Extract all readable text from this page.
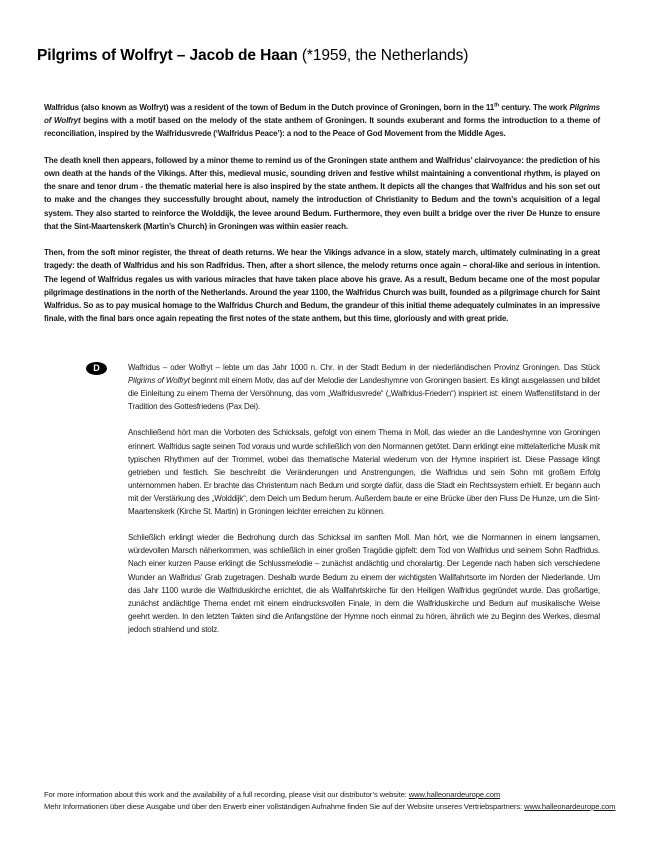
Pilgrims of Wolfryt – Jacob de Haan (*1959, the Netherlands)

Walfridus (also known as Wolfryt) was a resident of the town of Bedum in the Dutch province of Groningen, born in the 11th century. The work Pilgrims of Wolfryt begins with a motif based on the melody of the state anthem of Groningen. It sounds exuberant and forms the introduction to a theme of reconciliation, inspired by the Walfridusvrede (‘Walfridus Peace’): a nod to the Peace of God Movement from the Middle Ages.

The death knell then appears, followed by a minor theme to remind us of the Groningen state anthem and Walfridus’ clairvoyance: the prediction of his own death at the hands of the Vikings. After this, medieval music, sounding driven and festive whilst maintaining a conventional rhythm, is played on the snare and tenor drum - the thematic material here is also inspired by the state anthem. It depicts all the changes that Walfridus and his son set out to make and the changes they successfully brought about, namely the introduction of Christianity to Bedum and the town’s acquisition of a legal system. They also started to reinforce the Wolddijk, the levee around Bedum. Furthermore, they even built a bridge over the river De Hunze to ensure that the Sint-Maartenskerk (Martin’s Church) in Groningen was within easier reach.

Then, from the soft minor register, the threat of death returns. We hear the Vikings advance in a slow, stately march, ultimately culminating in a great tragedy: the death of Walfridus and his son Radfridus. Then, after a short silence, the melody returns once again – choral-like and serious in intention. The legend of Walfridus regales us with various miracles that have taken place above his grave. As a result, Bedum became one of the most popular pilgrimage destinations in the north of the Netherlands. Around the year 1100, the Walfridus Church was built, founded as a pilgrimage church for Saint Walfridus. So as to pay musical homage to the Walfridus Church and Bedum, the grandeur of this initial theme adequately culminates in an impressive finale, with the final bars once again repeating the first notes of the state anthem, but this time, gloriously and with great pride.

D	Walfridus – oder Wolfryt – lebte um das Jahr 1000 n. Chr. in der Stadt Bedum in der niederländischen Provinz Groningen. Das Stück Pilgrims of Wolfryt beginnt mit einem Motiv, das auf der Melodie der Landeshymne von Groningen basiert. Es klingt ausgelassen und bildet die Einleitung zu einem Thema der Versöhnung, das vom „Walfridusvrede“ („Walfridus-Frieden“) inspiriert ist: einem Waffenstillstand in der Tradition des Gottesfriedens (Pax Dei).

Anschließend hört man die Vorboten des Schicksals, gefolgt von einem Thema in Moll, das wieder an die Landeshymne von Groningen erinnert. Walfridus sagte seinen Tod voraus und wurde schließlich von den Normannen getötet. Dann erklingt eine mittelalterliche Musik mit typischen Rhythmen auf der Trommel, wobei das thematische Material wiederum von der Hymne inspiriert ist. Diese Passage klingt getrieben und festlich. Sie beschreibt die Veränderungen und Anstrengungen, die Walfridus und sein Sohn mit großem Erfolg unternommen haben. Er brachte das Christentum nach Bedum und sorgte dafür, dass die Stadt ein Rechtssystem erhielt. Er begann auch mit der Verstärkung des „Wolddijk“, dem Deich um Bedum herum. Außerdem baute er eine Brücke über den Fluss De Hunze, um die Sint-Maartenskerk (Kirche St. Martin) in Groningen leichter erreichen zu können.

Schließlich erklingt wieder die Bedrohung durch das Schicksal im sanften Moll. Man hört, wie die Normannen in einem langsamen, würdevollen Marsch näherkommen, was schließlich in einer großen Tragödie gipfelt: dem Tod von Walfridus und seinem Sohn Radfridus. Nach einer kurzen Pause erklingt die Schlussmelodie – zunächst andächtig und choralartig. Der Legende nach haben sich verschiedene Wunder an Walfridus’ Grab zugetragen. Deshalb wurde Bedum zu einem der wichtigsten Wallfahrtsorte im Norden der Niederlande. Um das Jahr 1100 wurde die Walfriduskirche errichtet, die als Wallfahrtskirche für den Heiligen Walfridus gegründet wurde. Das großartige, zunächst andächtige Thema endet mit einem eindrucksvollen Finale, in dem die Walfriduskirche und Bedum auf musikalische Weise geehrt werden. In den letzten Takten sind die Anfangstöne der Hymne noch einmal zu hören, ähnlich wie zu Beginn des Werkes, diesmal jedoch strahlend und stolz.

For more information about this work and the availability of a full recording, please visit our distributor’s website: www.halleonardeurope.com
Mehr Informationen über diese Ausgabe und über den Erwerb einer vollständigen Aufnahme finden Sie auf der Website unseres Vertriebspartners: www.halleonardeurope.com
